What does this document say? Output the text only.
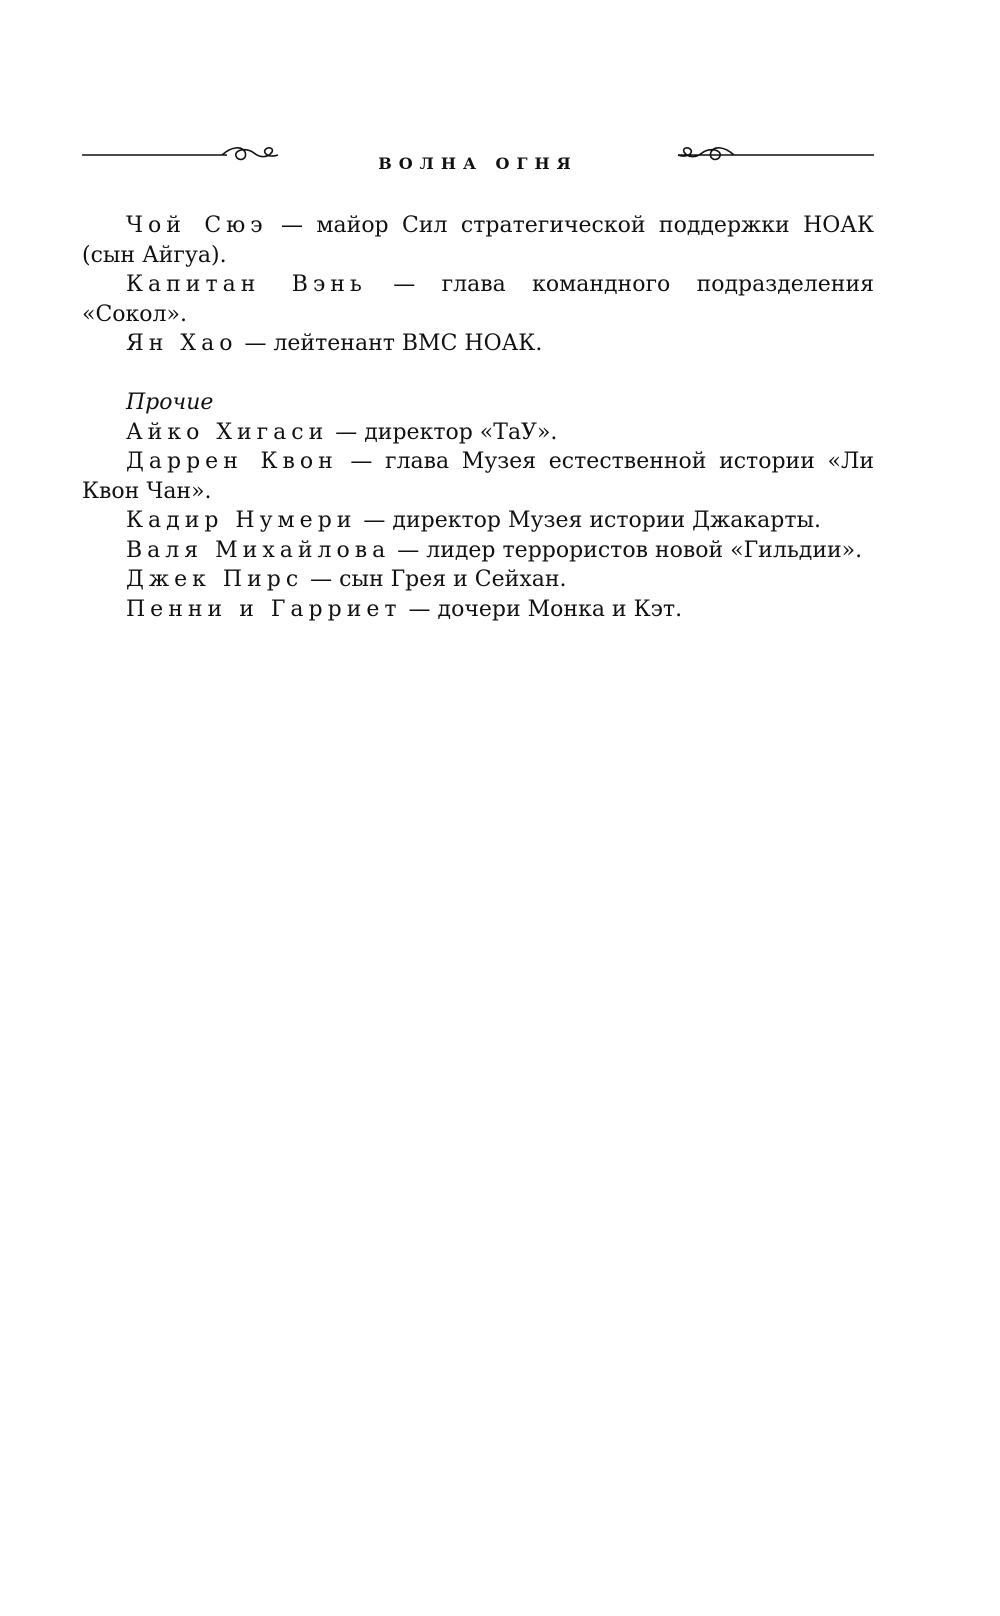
ВОЛНА ОГНЯ

Чой Сюэ — майор Сил стратегической поддержки НОАК (сын Айгуа).

Капитан Вэнь — глава командного подразделения «Сокол».

Ян Хао — лейтенант ВМС НОАК.

Прочие

Айко Хигаси — директор «ТаУ».

Даррен Квон — глава Музея естественной истории «Ли Квон Чан».

Кадир Нумери — директор Музея истории Джакарты.

Валя Михайлова — лидер террористов новой «Гильдии».

Джек Пирс — сын Грея и Сейхан.

Пенни и Гарриет — дочери Монка и Кэт.
